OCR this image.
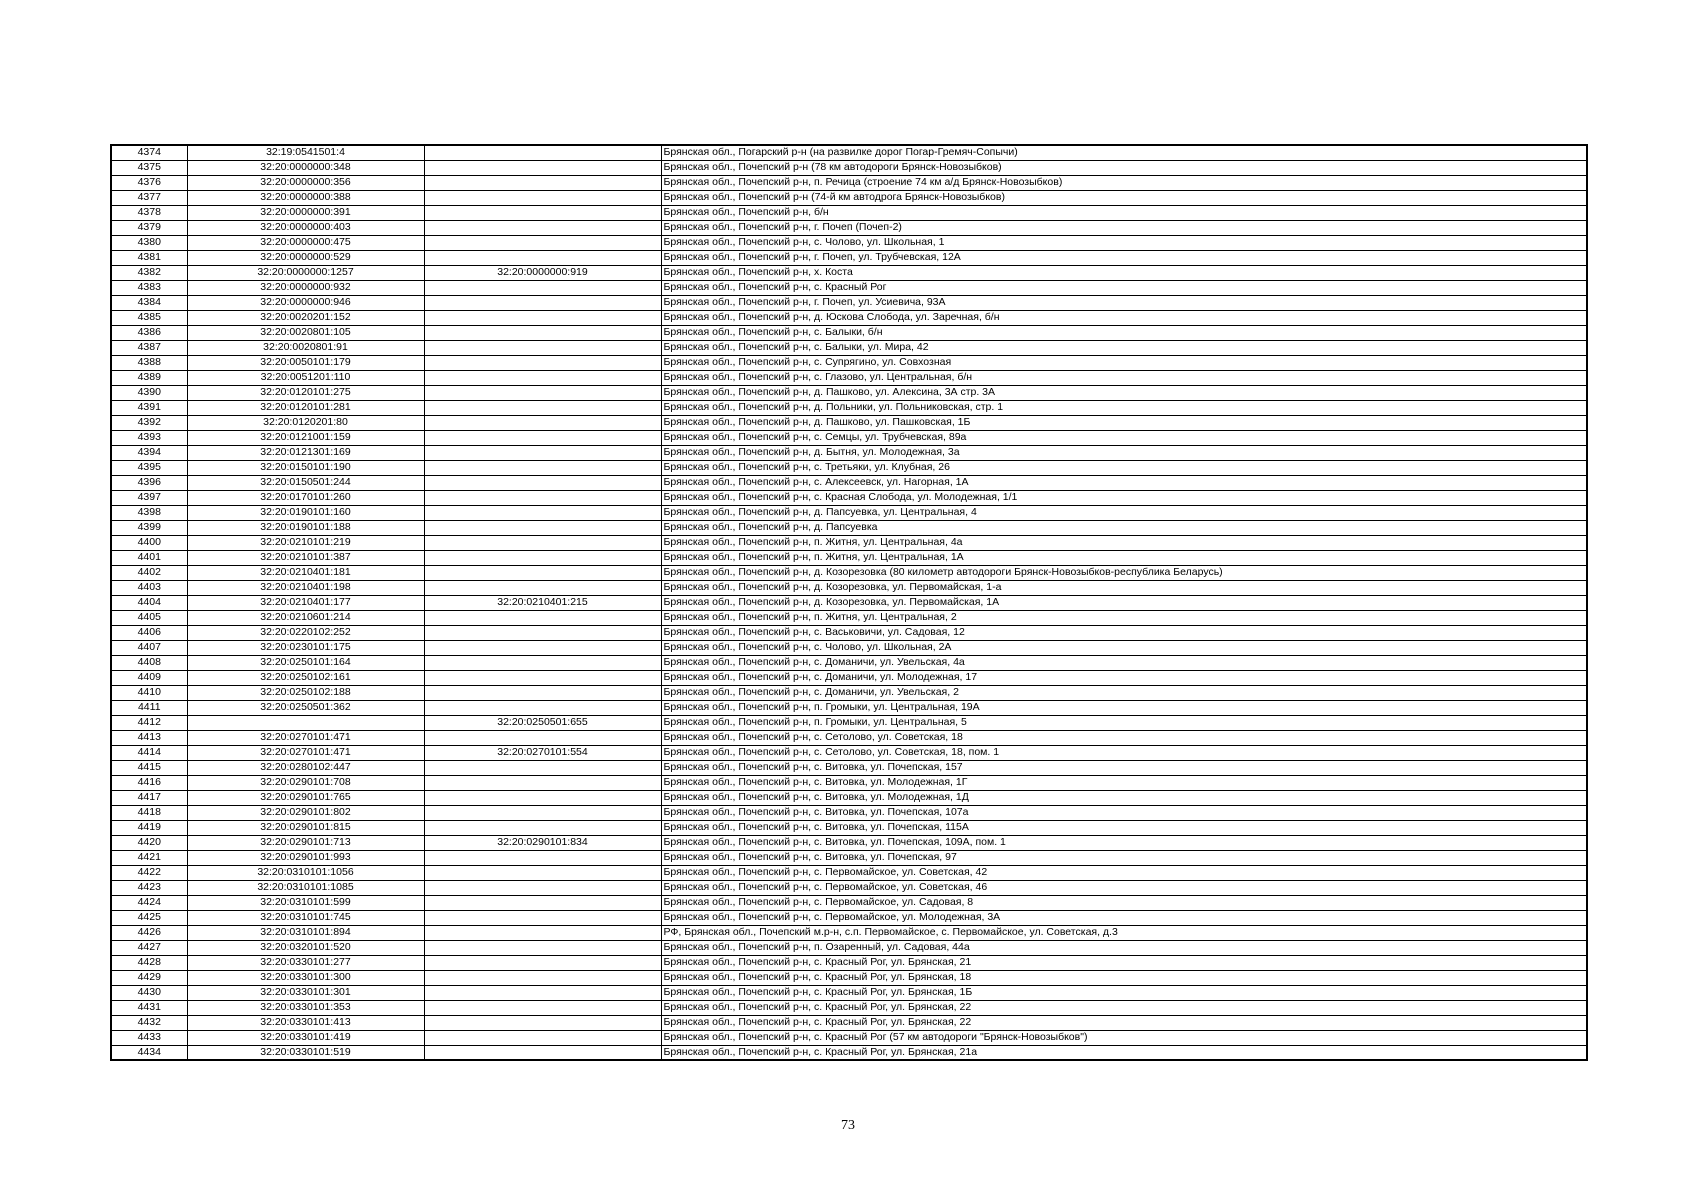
4374	32:19:0541501:4		Брянская обл., Погарский р-н (на развилке дорог Погар-Гремяч-Сопычи)
4375	32:20:0000000:348		Брянская обл., Почепский р-н (78 км автодороги Брянск-Новозыбков)
4376	32:20:0000000:356		Брянская обл., Почепский р-н, п. Речица (строение 74 км а/д Брянск-Новозыбков)
4377	32:20:0000000:388		Брянская обл., Почепский р-н (74-й км автодрога Брянск-Новозыбков)
4378	32:20:0000000:391		Брянская обл., Почепский р-н, б/н
4379	32:20:0000000:403		Брянская обл., Почепский р-н, г. Почеп (Почеп-2)
4380	32:20:0000000:475		Брянская обл., Почепский р-н, с. Чолово, ул. Школьная, 1
4381	32:20:0000000:529		Брянская обл., Почепский р-н, г. Почеп, ул. Трубчевская, 12А
4382	32:20:0000000:1257	32:20:0000000:919	Брянская обл., Почепский р-н, х. Коста
4383	32:20:0000000:932		Брянская обл., Почепский р-н, с. Красный Рог
4384	32:20:0000000:946		Брянская обл., Почепский р-н, г. Почеп, ул. Усиевича, 93А
4385	32:20:0020201:152		Брянская обл., Почепский р-н, д. Юскова Слобода, ул. Заречная, б/н
4386	32:20:0020801:105		Брянская обл., Почепский р-н, с. Балыки, б/н
4387	32:20:0020801:91		Брянская обл., Почепский р-н, с. Балыки, ул. Мира, 42
4388	32:20:0050101:179		Брянская обл., Почепский р-н, с. Супрягино, ул. Совхозная
4389	32:20:0051201:110		Брянская обл., Почепский р-н, с. Глазово, ул. Центральная, б/н
4390	32:20:0120101:275		Брянская обл., Почепский р-н, д. Пашково, ул. Алексина, 3А стр. 3А
4391	32:20:0120101:281		Брянская обл., Почепский р-н, д. Польники, ул. Польниковская, стр. 1
4392	32:20:0120201:80		Брянская обл., Почепский р-н, д. Пашково, ул. Пашковская, 1Б
4393	32:20:0121001:159		Брянская обл., Почепский р-н, с. Семцы, ул. Трубчевская, 89а
4394	32:20:0121301:169		Брянская обл., Почепский р-н, д. Бытня, ул. Молодежная, 3а
4395	32:20:0150101:190		Брянская обл., Почепский р-н, с. Третьяки, ул. Клубная, 26
4396	32:20:0150501:244		Брянская обл., Почепский р-н, с. Алексеевск, ул. Нагорная, 1А
4397	32:20:0170101:260		Брянская обл., Почепский р-н, с. Красная Слобода, ул. Молодежная, 1/1
4398	32:20:0190101:160		Брянская обл., Почепский р-н, д. Папсуевка, ул. Центральная, 4
4399	32:20:0190101:188		Брянская обл., Почепский р-н, д. Папсуевка
4400	32:20:0210101:219		Брянская обл., Почепский р-н, п. Житня, ул. Центральная, 4а
4401	32:20:0210101:387		Брянская обл., Почепский р-н, п. Житня, ул. Центральная, 1А
4402	32:20:0210401:181		Брянская обл., Почепский р-н, д. Козорезовка (80 километр автодороги Брянск-Новозыбков-республика Беларусь)
4403	32:20:0210401:198		Брянская обл., Почепский р-н, д. Козорезовка, ул. Первомайская, 1-а
4404	32:20:0210401:177	32:20:0210401:215	Брянская обл., Почепский р-н, д. Козорезовка, ул. Первомайская, 1А
4405	32:20:0210601:214		Брянская обл., Почепский р-н, п. Житня, ул. Центральная, 2
4406	32:20:0220102:252		Брянская обл., Почепский р-н, с. Васьковичи, ул. Садовая, 12
4407	32:20:0230101:175		Брянская обл., Почепский р-н, с. Чолово, ул. Школьная, 2А
4408	32:20:0250101:164		Брянская обл., Почепский р-н, с. Доманичи, ул. Увельская, 4а
4409	32:20:0250102:161		Брянская обл., Почепский р-н, с. Доманичи, ул. Молодежная, 17
4410	32:20:0250102:188		Брянская обл., Почепский р-н, с. Доманичи, ул. Увельская, 2
4411	32:20:0250501:362		Брянская обл., Почепский р-н, п. Громыки, ул. Центральная, 19А
4412		32:20:0250501:655	Брянская обл., Почепский р-н, п. Громыки, ул. Центральная, 5
4413	32:20:0270101:471		Брянская обл., Почепский р-н, с. Сетолово, ул. Советская, 18
4414	32:20:0270101:471	32:20:0270101:554	Брянская обл., Почепский р-н, с. Сетолово, ул. Советская, 18, пом. 1
4415	32:20:0280102:447		Брянская обл., Почепский р-н, с. Витовка, ул. Почепская, 157
4416	32:20:0290101:708		Брянская обл., Почепский р-н, с. Витовка, ул. Молодежная, 1Г
4417	32:20:0290101:765		Брянская обл., Почепский р-н, с. Витовка, ул. Молодежная, 1Д
4418	32:20:0290101:802		Брянская обл., Почепский р-н, с. Витовка, ул. Почепская, 107а
4419	32:20:0290101:815		Брянская обл., Почепский р-н, с. Витовка, ул. Почепская, 115А
4420	32:20:0290101:713	32:20:0290101:834	Брянская обл., Почепский р-н, с. Витовка, ул. Почепская, 109А, пом. 1
4421	32:20:0290101:993		Брянская обл., Почепский р-н, с. Витовка, ул. Почепская, 97
4422	32:20:0310101:1056		Брянская обл., Почепский р-н, с. Первомайское, ул. Советская, 42
4423	32:20:0310101:1085		Брянская обл., Почепский р-н, с. Первомайское, ул. Советская, 46
4424	32:20:0310101:599		Брянская обл., Почепский р-н, с. Первомайское, ул. Садовая, 8
4425	32:20:0310101:745		Брянская обл., Почепский р-н, с. Первомайское, ул. Молодежная, 3А
4426	32:20:0310101:894		РФ, Брянская обл., Почепский м.р-н, с.п. Первомайское, с. Первомайское, ул. Советская, д.3
4427	32:20:0320101:520		Брянская обл., Почепский р-н, п. Озаренный, ул. Садовая, 44а
4428	32:20:0330101:277		Брянская обл., Почепский р-н, с. Красный Рог, ул. Брянская, 21
4429	32:20:0330101:300		Брянская обл., Почепский р-н, с. Красный Рог, ул. Брянская, 18
4430	32:20:0330101:301		Брянская обл., Почепский р-н, с. Красный Рог, ул. Брянская, 1Б
4431	32:20:0330101:353		Брянская обл., Почепский р-н, с. Красный Рог, ул. Брянская, 22
4432	32:20:0330101:413		Брянская обл., Почепский р-н, с. Красный Рог, ул. Брянская, 22
4433	32:20:0330101:419		Брянская обл., Почепский р-н, с. Красный Рог (57 км автодороги "Брянск-Новозыбков")
4434	32:20:0330101:519		Брянская обл., Почепский р-н, с. Красный Рог, ул. Брянская, 21а
73
